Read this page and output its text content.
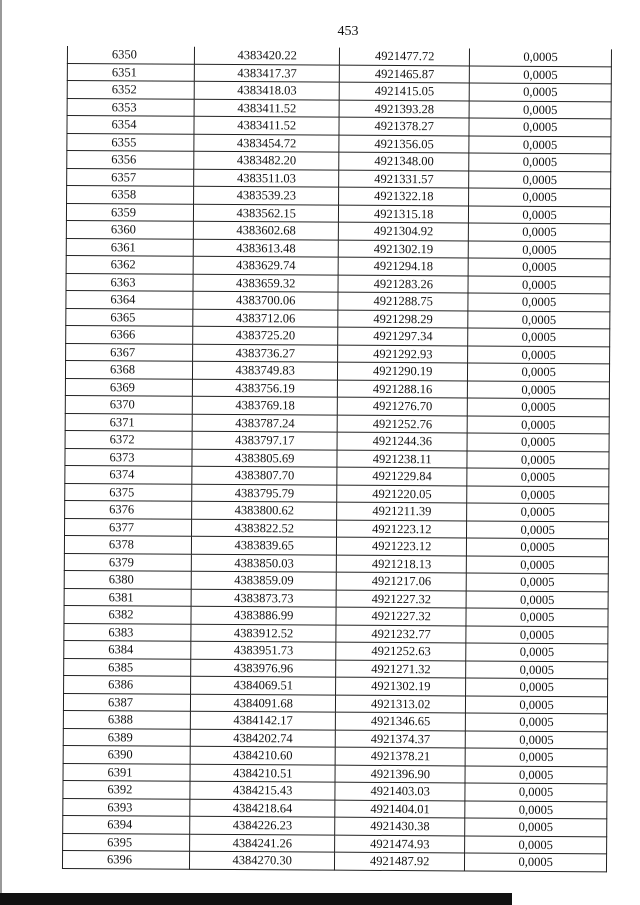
453
6350	4383420.22	4921477.72	0,0005
6351	4383417.37	4921465.87	0,0005
6352	4383418.03	4921415.05	0,0005
6353	4383411.52	4921393.28	0,0005
6354	4383411.52	4921378.27	0,0005
6355	4383454.72	4921356.05	0,0005
6356	4383482.20	4921348.00	0,0005
6357	4383511.03	4921331.57	0,0005
6358	4383539.23	4921322.18	0,0005
6359	4383562.15	4921315.18	0,0005
6360	4383602.68	4921304.92	0,0005
6361	4383613.48	4921302.19	0,0005
6362	4383629.74	4921294.18	0,0005
6363	4383659.32	4921283.26	0,0005
6364	4383700.06	4921288.75	0,0005
6365	4383712.06	4921298.29	0,0005
6366	4383725.20	4921297.34	0,0005
6367	4383736.27	4921292.93	0,0005
6368	4383749.83	4921290.19	0,0005
6369	4383756.19	4921288.16	0,0005
6370	4383769.18	4921276.70	0,0005
6371	4383787.24	4921252.76	0,0005
6372	4383797.17	4921244.36	0,0005
6373	4383805.69	4921238.11	0,0005
6374	4383807.70	4921229.84	0,0005
6375	4383795.79	4921220.05	0,0005
6376	4383800.62	4921211.39	0,0005
6377	4383822.52	4921223.12	0,0005
6378	4383839.65	4921223.12	0,0005
6379	4383850.03	4921218.13	0,0005
6380	4383859.09	4921217.06	0,0005
6381	4383873.73	4921227.32	0,0005
6382	4383886.99	4921227.32	0,0005
6383	4383912.52	4921232.77	0,0005
6384	4383951.73	4921252.63	0,0005
6385	4383976.96	4921271.32	0,0005
6386	4384069.51	4921302.19	0,0005
6387	4384091.68	4921313.02	0,0005
6388	4384142.17	4921346.65	0,0005
6389	4384202.74	4921374.37	0,0005
6390	4384210.60	4921378.21	0,0005
6391	4384210.51	4921396.90	0,0005
6392	4384215.43	4921403.03	0,0005
6393	4384218.64	4921404.01	0,0005
6394	4384226.23	4921430.38	0,0005
6395	4384241.26	4921474.93	0,0005
6396	4384270.30	4921487.92	0,0005
